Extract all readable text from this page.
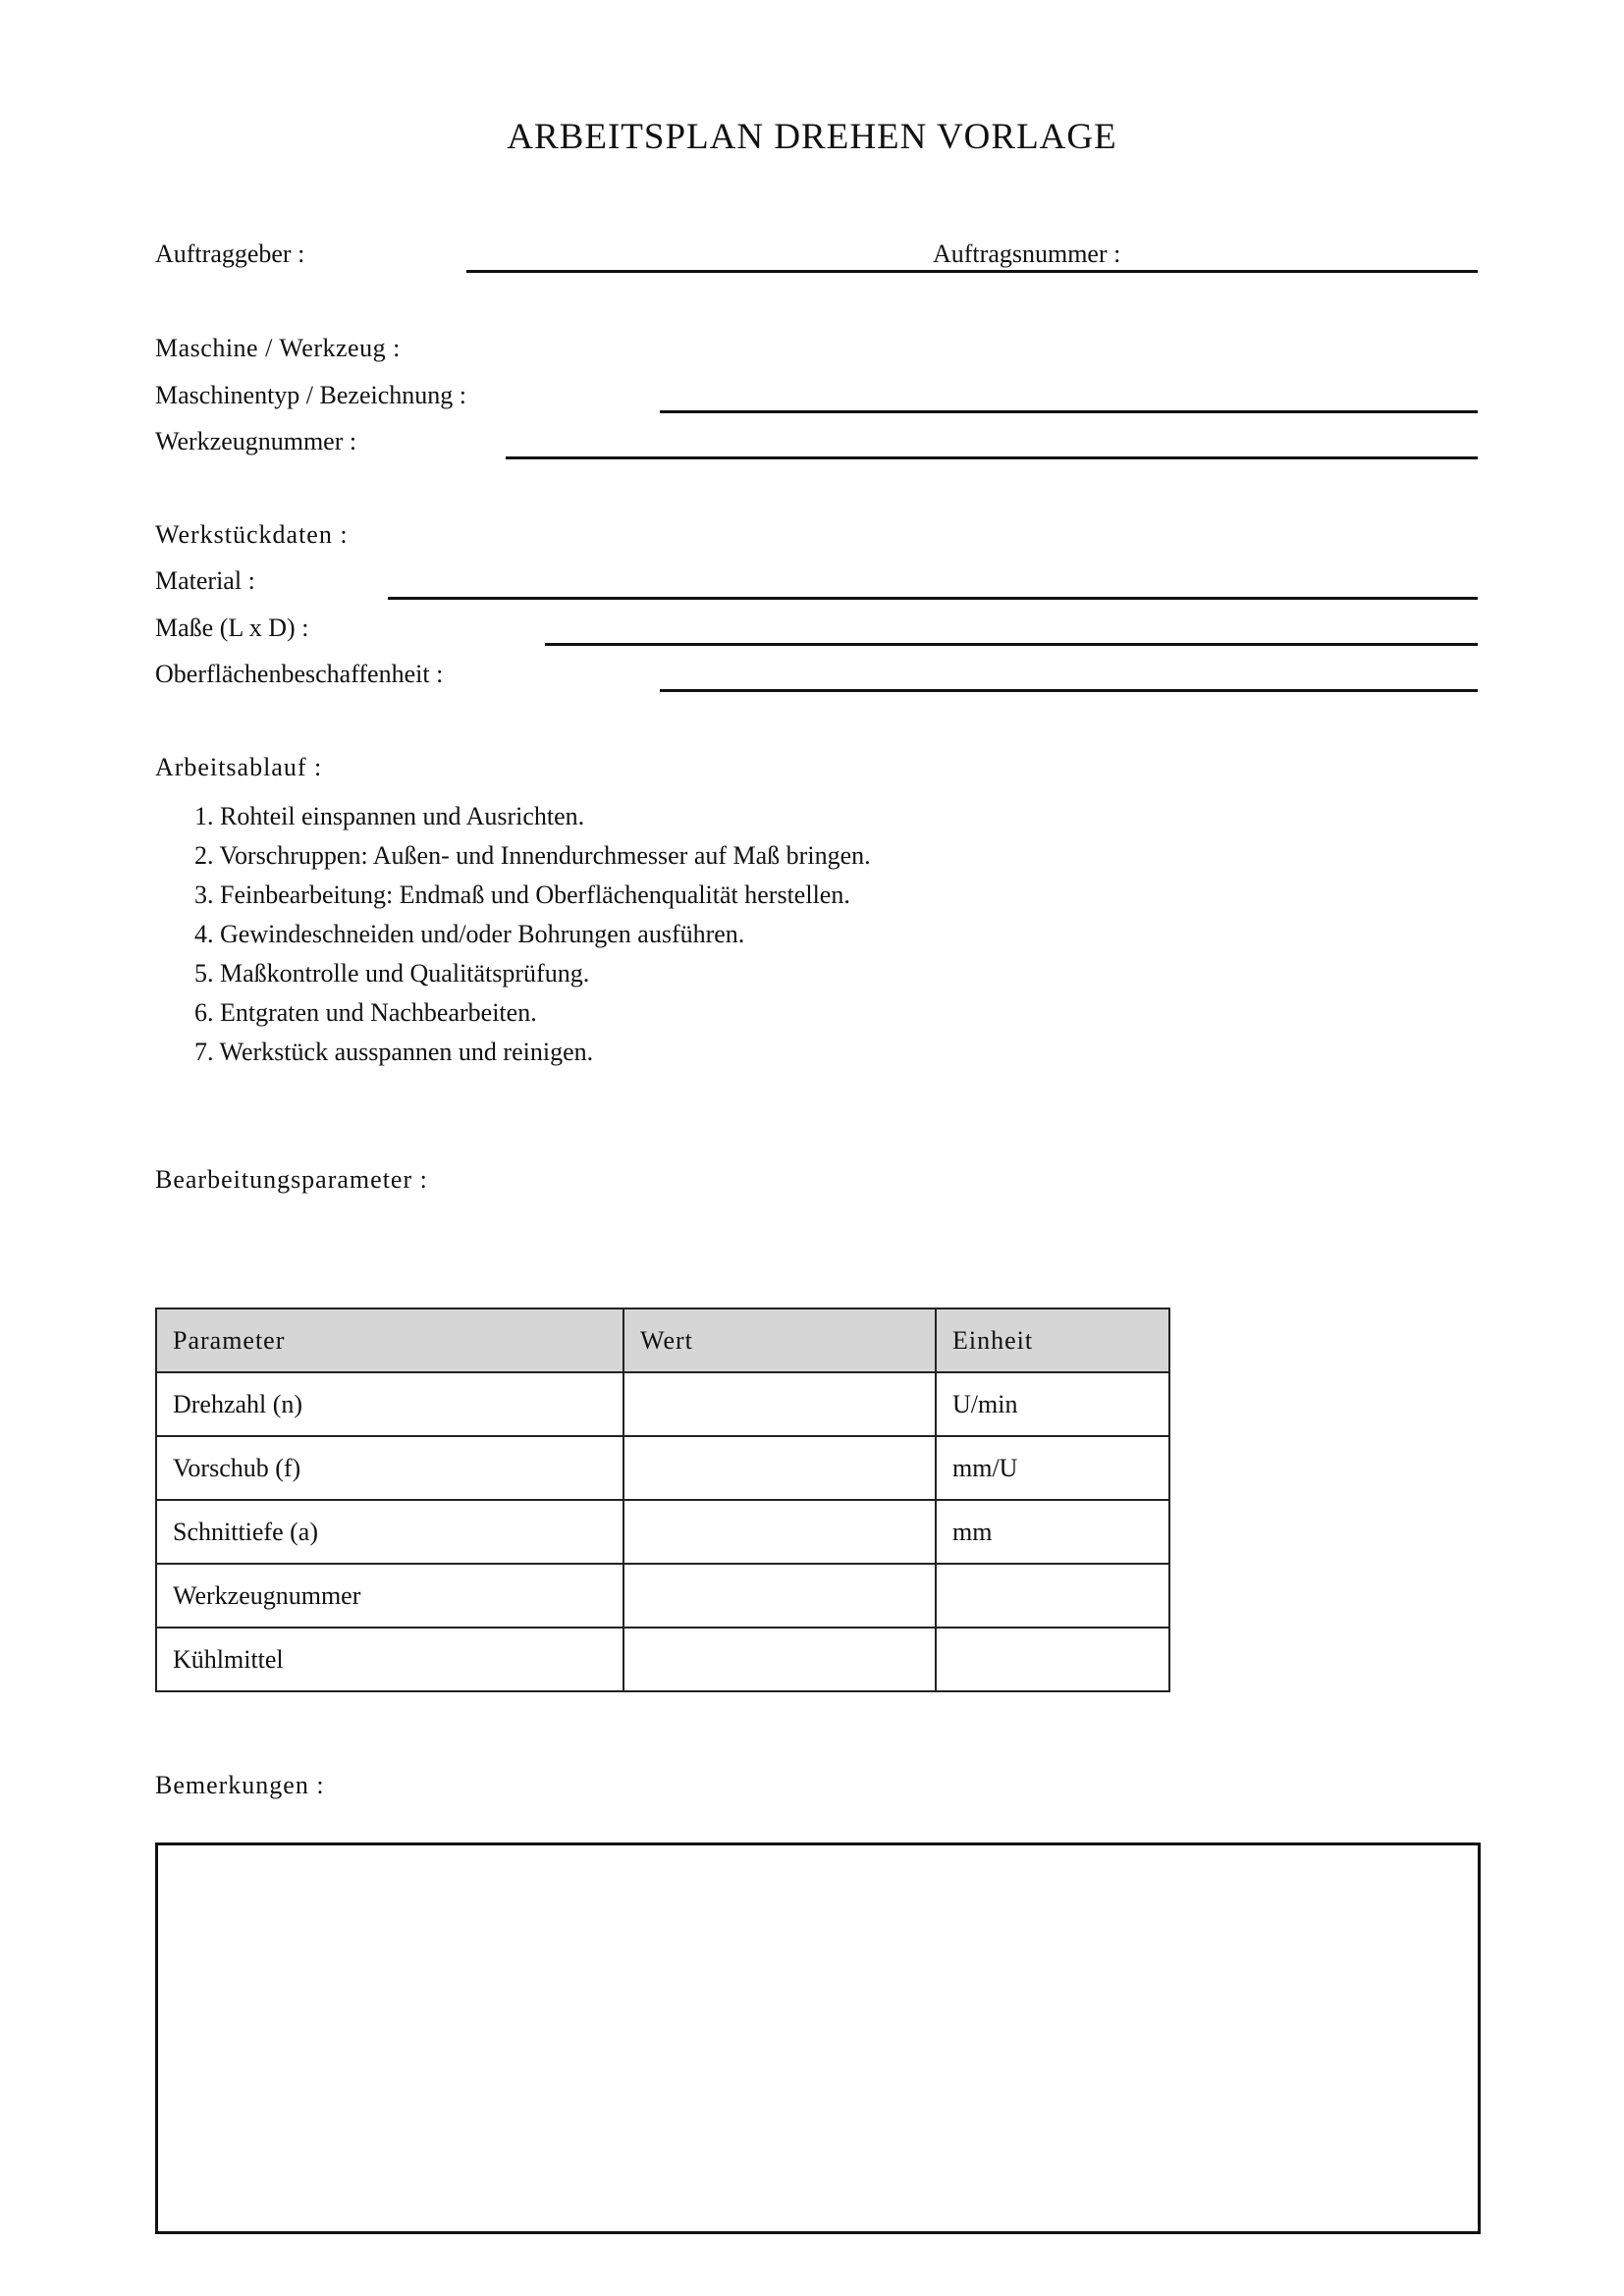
ARBEITSPLAN DREHEN VORLAGE
Auftraggeber :	Auftragsnummer :
Maschine / Werkzeug :
Maschinentyp / Bezeichnung :
Werkzeugnummer :
Werkstückdaten :
Material :
Maße (L x D) :
Oberflächenbeschaffenheit :
Arbeitsablauf :
1. Rohteil einspannen und Ausrichten.
2. Vorschruppen: Außen- und Innendurchmesser auf Maß bringen.
3. Feinbearbeitung: Endmaß und Oberflächenqualität herstellen.
4. Gewindeschneiden und/oder Bohrungen ausführen.
5. Maßkontrolle und Qualitätsprüfung.
6. Entgraten und Nachbearbeiten.
7. Werkstück ausspannen und reinigen.
Bearbeitungsparameter :
Parameter	Wert	Einheit
Drehzahl (n)		U/min
Vorschub (f)		mm/U
Schnittiefe (a)		mm
Werkzeugnummer		
Kühlmittel		
Bemerkungen :
